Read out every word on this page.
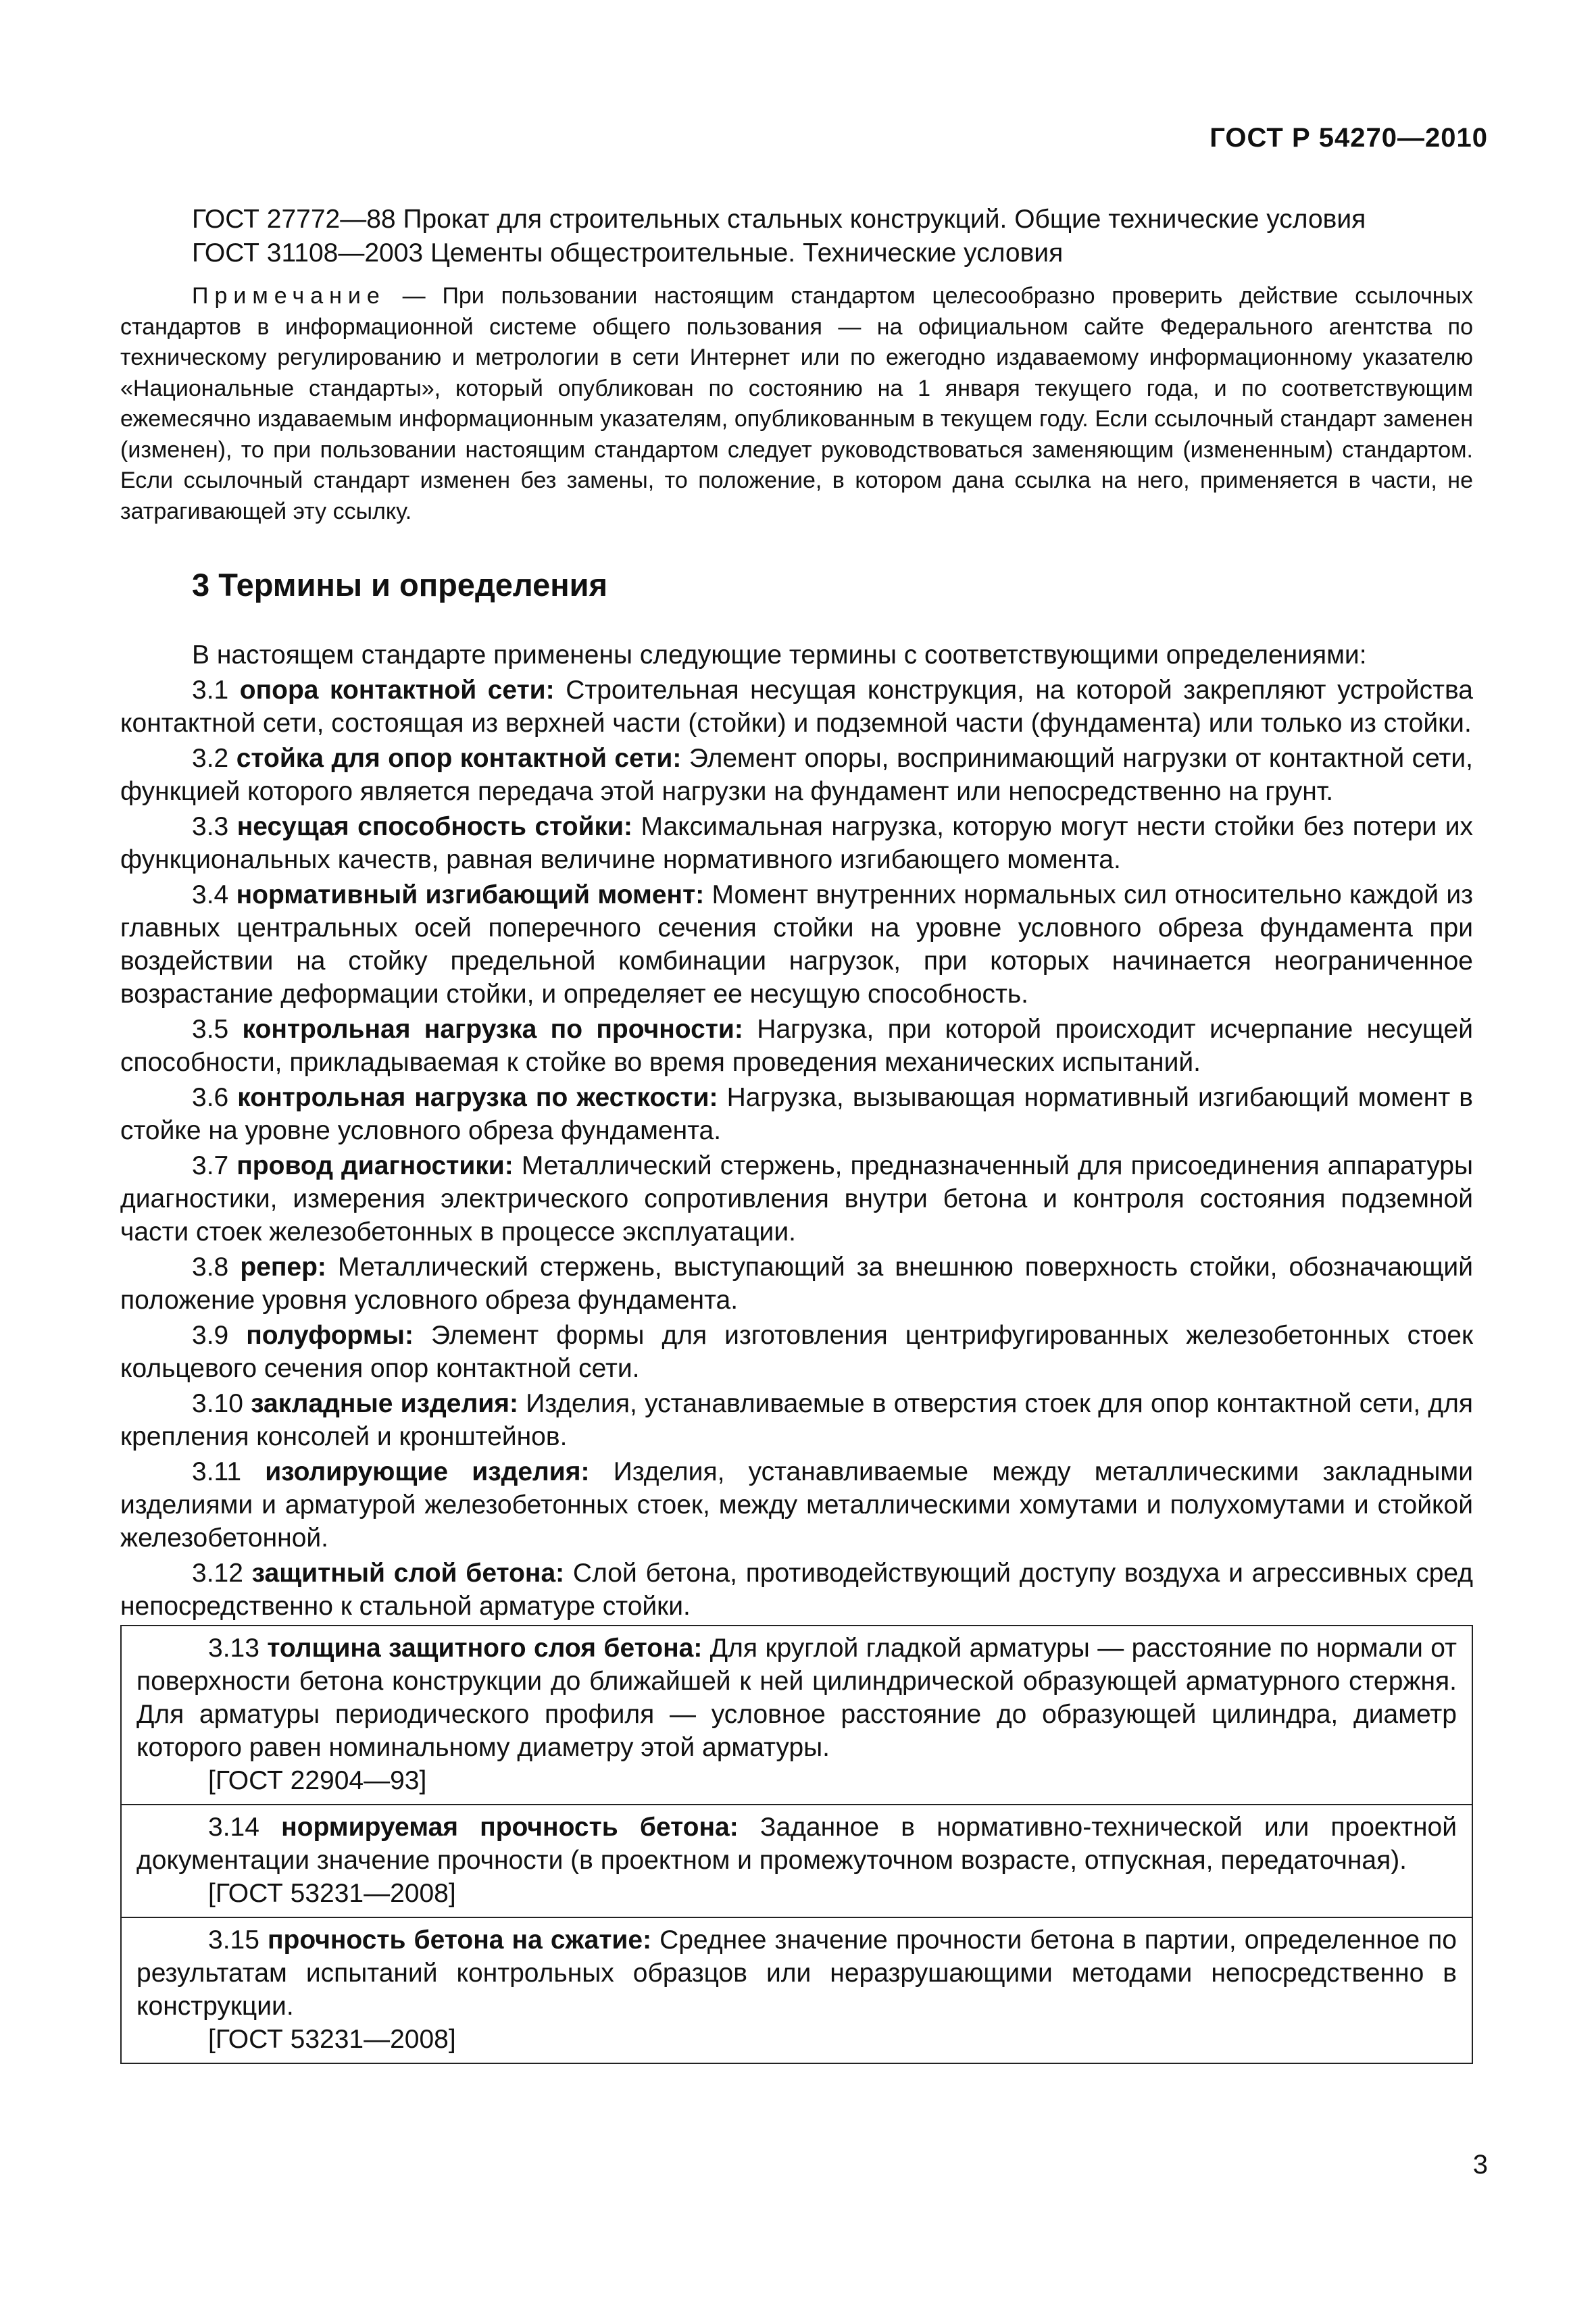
ГОСТ Р 54270—2010

ГОСТ 27772—88 Прокат для строительных стальных конструкций. Общие технические условия

ГОСТ 31108—2003 Цементы общестроительные. Технические условия

Примечание — При пользовании настоящим стандартом целесообразно проверить действие ссылочных стандартов в информационной системе общего пользования — на официальном сайте Федерального агентства по техническому регулированию и метрологии в сети Интернет или по ежегодно издаваемому информационному указателю «Национальные стандарты», который опубликован по состоянию на 1 января текущего года, и по соответствующим ежемесячно издаваемым информационным указателям, опубликованным в текущем году. Если ссылочный стандарт заменен (изменен), то при пользовании настоящим стандартом следует руководствоваться заменяющим (измененным) стандартом. Если ссылочный стандарт изменен без замены, то положение, в котором дана ссылка на него, применяется в части, не затрагивающей эту ссылку.

3 Термины и определения

В настоящем стандарте применены следующие термины с соответствующими определениями:

3.1 опора контактной сети: Строительная несущая конструкция, на которой закрепляют устройства контактной сети, состоящая из верхней части (стойки) и подземной части (фундамента) или только из стойки.

3.2 стойка для опор контактной сети: Элемент опоры, воспринимающий нагрузки от контактной сети, функцией которого является передача этой нагрузки на фундамент или непосредственно на грунт.

3.3 несущая способность стойки: Максимальная нагрузка, которую могут нести стойки без потери их функциональных качеств, равная величине нормативного изгибающего момента.

3.4 нормативный изгибающий момент: Момент внутренних нормальных сил относительно каждой из главных центральных осей поперечного сечения стойки на уровне условного обреза фундамента при воздействии на стойку предельной комбинации нагрузок, при которых начинается неограниченное возрастание деформации стойки, и определяет ее несущую способность.

3.5 контрольная нагрузка по прочности: Нагрузка, при которой происходит исчерпание несущей способности, прикладываемая к стойке во время проведения механических испытаний.

3.6 контрольная нагрузка по жесткости: Нагрузка, вызывающая нормативный изгибающий момент в стойке на уровне условного обреза фундамента.

3.7 провод диагностики: Металлический стержень, предназначенный для присоединения аппаратуры диагностики, измерения электрического сопротивления внутри бетона и контроля состояния подземной части стоек железобетонных в процессе эксплуатации.

3.8 репер: Металлический стержень, выступающий за внешнюю поверхность стойки, обозначающий положение уровня условного обреза фундамента.

3.9 полуформы: Элемент формы для изготовления центрифугированных железобетонных стоек кольцевого сечения опор контактной сети.

3.10 закладные изделия: Изделия, устанавливаемые в отверстия стоек для опор контактной сети, для крепления консолей и кронштейнов.

3.11 изолирующие изделия: Изделия, устанавливаемые между металлическими закладными изделиями и арматурой железобетонных стоек, между металлическими хомутами и полухомутами и стойкой железобетонной.

3.12 защитный слой бетона: Слой бетона, противодействующий доступу воздуха и агрессивных сред непосредственно к стальной арматуре стойки.

3.13 толщина защитного слоя бетона: Для круглой гладкой арматуры — расстояние по нормали от поверхности бетона конструкции до ближайшей к ней цилиндрической образующей арматурного стержня. Для арматуры периодического профиля — условное расстояние до образующей цилиндра, диаметр которого равен номинальному диаметру этой арматуры.

[ГОСТ 22904—93]

3.14 нормируемая прочность бетона: Заданное в нормативно-технической или проектной документации значение прочности (в проектном и промежуточном возрасте, отпускная, передаточная).

[ГОСТ 53231—2008]

3.15 прочность бетона на сжатие: Среднее значение прочности бетона в партии, определенное по результатам испытаний контрольных образцов или неразрушающими методами непосредственно в конструкции.

[ГОСТ 53231—2008]
3
